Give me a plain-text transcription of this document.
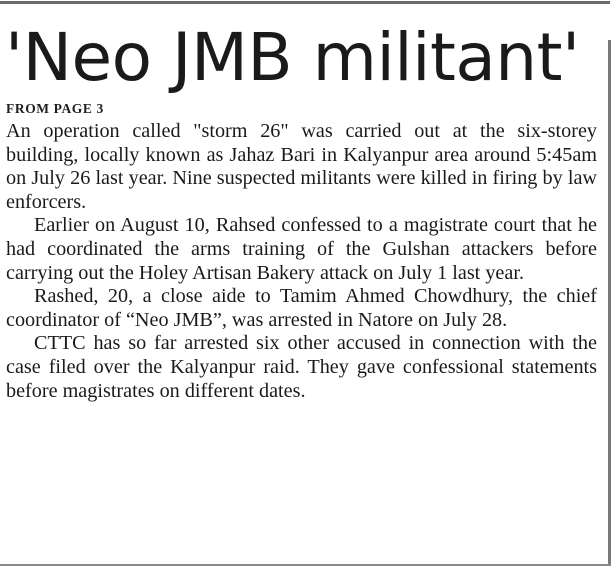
'Neo JMB militant'
FROM PAGE 3

An operation called "storm 26" was carried out at the six-storey building, locally known as Jahaz Bari in Kalyanpur area around 5:45am on July 26 last year. Nine suspected militants were killed in firing by law enforcers.

Earlier on August 10, Rahsed confessed to a magistrate court that he had coordinated the arms training of the Gulshan attackers before carrying out the Holey Artisan Bakery attack on July 1 last year.

Rashed, 20, a close aide to Tamim Ahmed Chowdhury, the chief coordinator of “Neo JMB”, was arrested in Natore on July 28.

CTTC has so far arrested six other accused in connection with the case filed over the Kalyanpur raid. They gave confessional statements before magistrates on different dates.
